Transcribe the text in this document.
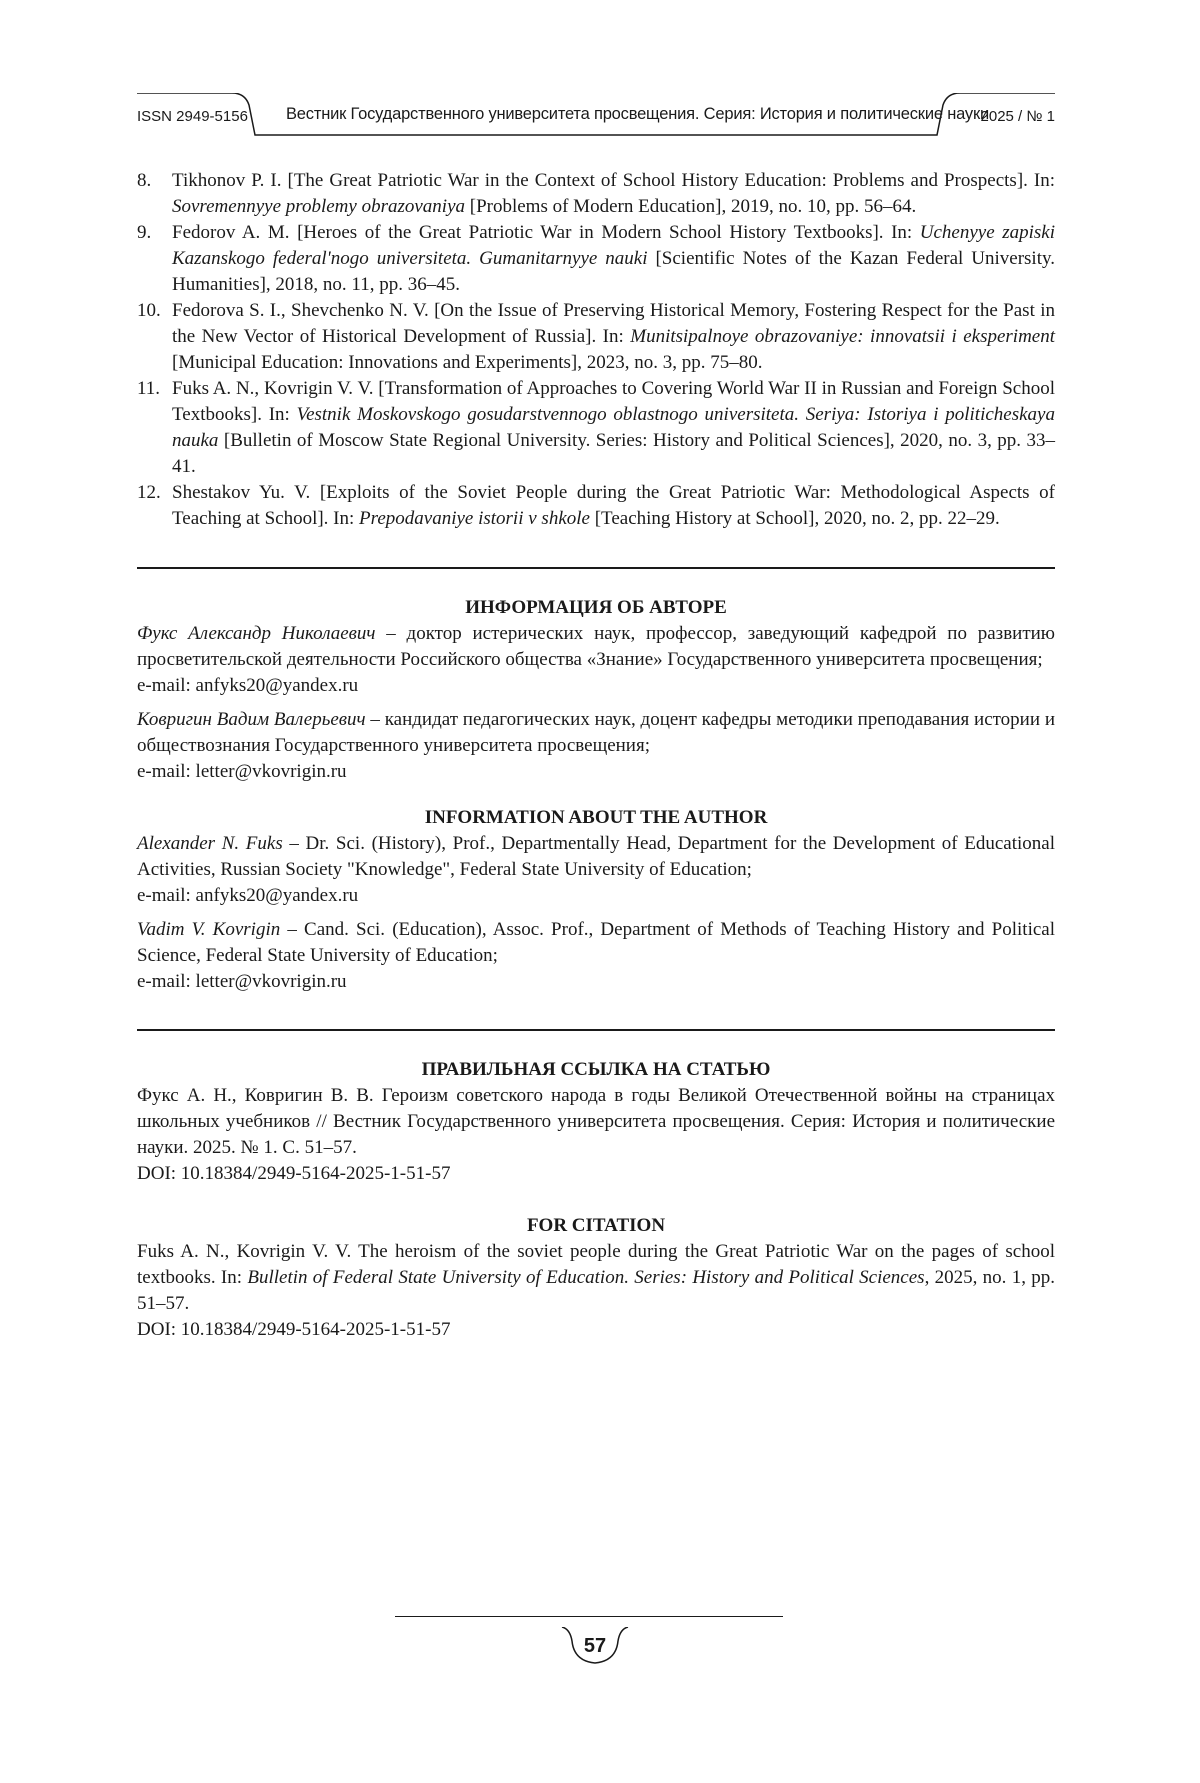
ISSN 2949-5156 Вестник Государственного университета просвещения. Серия: История и политические науки
2025 / № 1
8. Tikhonov P. I. [The Great Patriotic War in the Context of School History Education: Problems and Prospects]. In: Sovremennyye problemy obrazovaniya [Problems of Modern Education], 2019, no. 10, pp. 56–64.
9. Fedorov A. M. [Heroes of the Great Patriotic War in Modern School History Textbooks]. In: Uchenyye zapiski Kazanskogo federal'nogo universiteta. Gumanitarnyye nauki [Scientific Notes of the Kazan Federal University. Humanities], 2018, no. 11, pp. 36–45.
10. Fedorova S. I., Shevchenko N. V. [On the Issue of Preserving Historical Memory, Fostering Respect for the Past in the New Vector of Historical Development of Russia]. In: Munitsipalnoye obrazovaniye: innovatsii i eksperiment [Municipal Education: Innovations and Experiments], 2023, no. 3, pp. 75–80.
11. Fuks A. N., Kovrigin V. V. [Transformation of Approaches to Covering World War II in Russian and Foreign School Textbooks]. In: Vestnik Moskovskogo gosudarstvennogo oblastnogo universiteta. Seriya: Istoriya i politicheskaya nauka [Bulletin of Moscow State Regional University. Series: History and Political Sciences], 2020, no. 3, pp. 33–41.
12. Shestakov Yu. V. [Exploits of the Soviet People during the Great Patriotic War: Methodological Aspects of Teaching at School]. In: Prepodavaniye istorii v shkole [Teaching History at School], 2020, no. 2, pp. 22–29.
ИНФОРМАЦИЯ ОБ АВТОРЕ
Фукс Александр Николаевич – доктор истерических наук, профессор, заведующий кафедрой по развитию просветительской деятельности Российского общества «Знание» Государственного университета просвещения;
e-mail: anfyks20@yandex.ru
Ковригин Вадим Валерьевич – кандидат педагогических наук, доцент кафедры методики преподавания истории и обществознания Государственного университета просвещения;
e-mail: letter@vkovrigin.ru
INFORMATION ABOUT THE AUTHOR
Alexander N. Fuks – Dr. Sci. (History), Prof., Departmentally Head, Department for the Development of Educational Activities, Russian Society "Knowledge", Federal State University of Education;
e-mail: anfyks20@yandex.ru
Vadim V. Kovrigin – Cand. Sci. (Education), Assoc. Prof., Department of Methods of Teaching History and Political Science, Federal State University of Education;
e-mail: letter@vkovrigin.ru
ПРАВИЛЬНАЯ ССЫЛКА НА СТАТЬЮ
Фукс А. Н., Ковригин В. В. Героизм советского народа в годы Великой Отечественной войны на страницах школьных учебников // Вестник Государственного университета просвещения. Серия: История и политические науки. 2025. № 1. С. 51–57.
DOI: 10.18384/2949-5164-2025-1-51-57
FOR CITATION
Fuks A. N., Kovrigin V. V. The heroism of the soviet people during the Great Patriotic War on the pages of school textbooks. In: Bulletin of Federal State University of Education. Series: History and Political Sciences, 2025, no. 1, pp. 51–57.
DOI: 10.18384/2949-5164-2025-1-51-57
57
